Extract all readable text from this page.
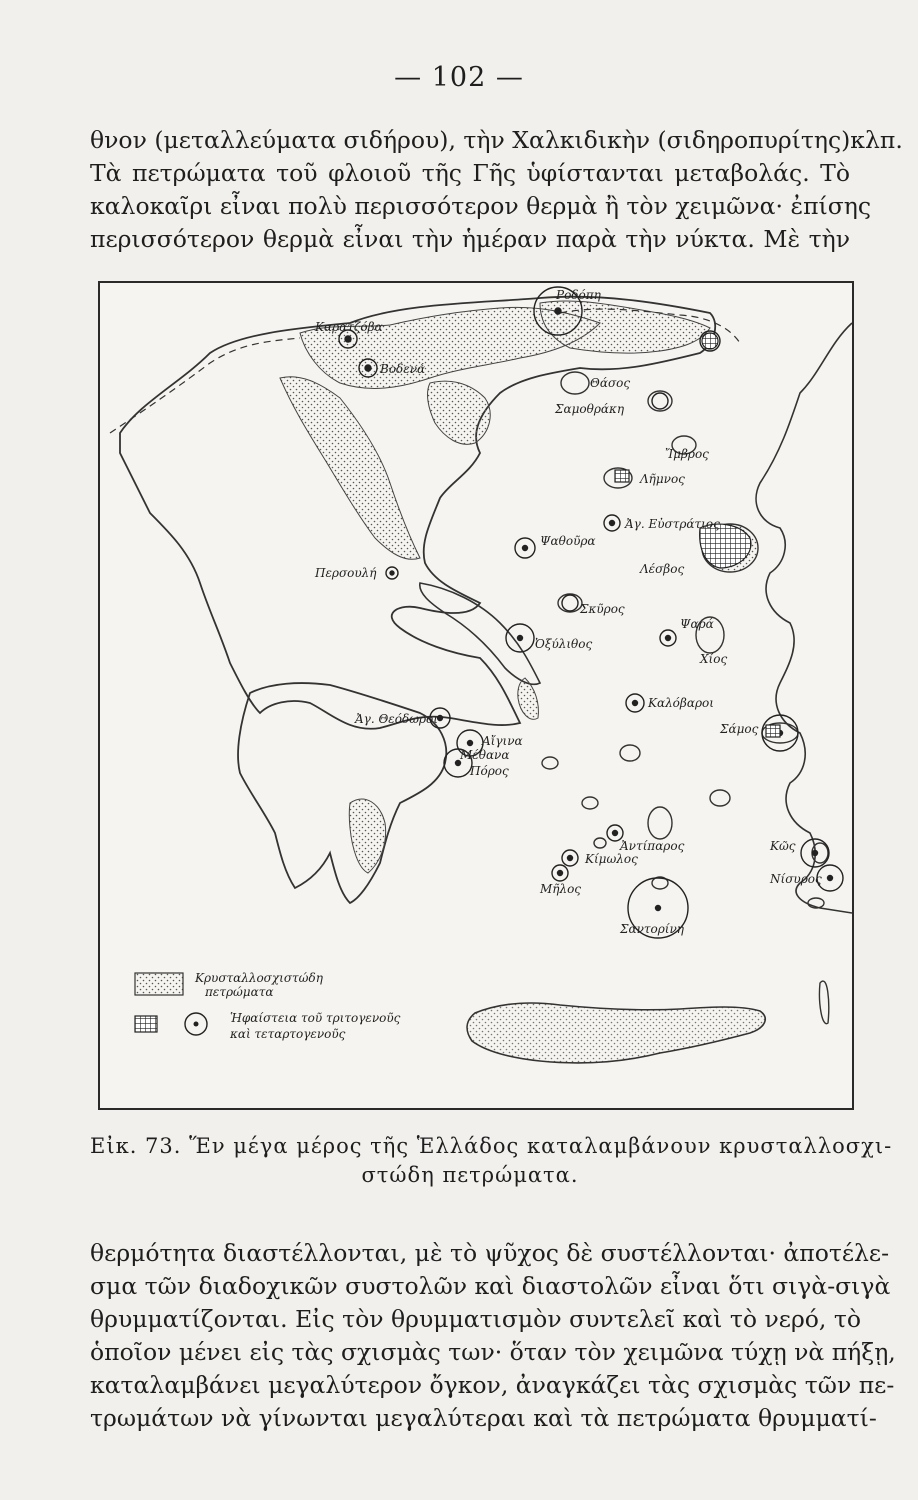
— 102 —
θνον (μεταλλεύματα σιδήρου), τὴν Χαλκιδικὴν (σιδηροπυρίτης)κλπ.
Τὰ πετρώματα τοῦ φλοιοῦ τῆς Γῆς ὑφίστανται μεταβολάς. Τὸ
καλοκαῖρι εἶναι πολὺ περισσότερον θερμὰ ἢ τὸν χειμῶνα· ἐπίσης
περισσότερον θερμὰ εἶναι τὴν ἡμέραν παρὰ τὴν νύκτα. Μὲ τὴν
Ροδόπη
Καρατζόβα
Βοδενά
Θάσος
Σαμοθράκη
Ἴμβρος
Λῆμνος
Ἀγ. Εὐστράτιος
Ψαθοῦρα
Λέσβος
Περσουλή
Σκῦρος
Ψαρά
Ὀξύλιθος
Χίος
Καλόβαροι
Σάμος
Ἀγ. Θεόδωροι
Αἴγινα
Μέθανα
Πόρος
Ἀντίπαρος	Κῶς
Κίμωλος
Νίσυρος
Μῆλος
Σαντορίνη
Κρυσταλλοσχιστώδη
πετρώματα
Ἡφαίστεια τοῦ τριτογενοῦς
καὶ τεταρτογενοῦς
Εἰκ. 73. Ἕν μέγα μέρος τῆς Ἑλλάδος καταλαμβάνουν κρυσταλλοσχι-
στώδη πετρώματα.
θερμότητα διαστέλλονται, μὲ τὸ ψῦχος δὲ συστέλλονται· ἀποτέλε-
σμα τῶν διαδοχικῶν συστολῶν καὶ διαστολῶν εἶναι ὅτι σιγὰ-σιγὰ
θρυμματίζονται. Εἰς τὸν θρυμματισμὸν συντελεῖ καὶ τὸ νερό, τὸ
ὁποῖον μένει εἰς τὰς σχισμὰς των· ὅταν τὸν χειμῶνα τύχῃ νὰ πήξῃ,
καταλαμβάνει μεγαλύτερον ὄγκον, ἀναγκάζει τὰς σχισμὰς τῶν πε-
τρωμάτων νὰ γίνωνται μεγαλύτεραι καὶ τὰ πετρώματα θρυμματί-
